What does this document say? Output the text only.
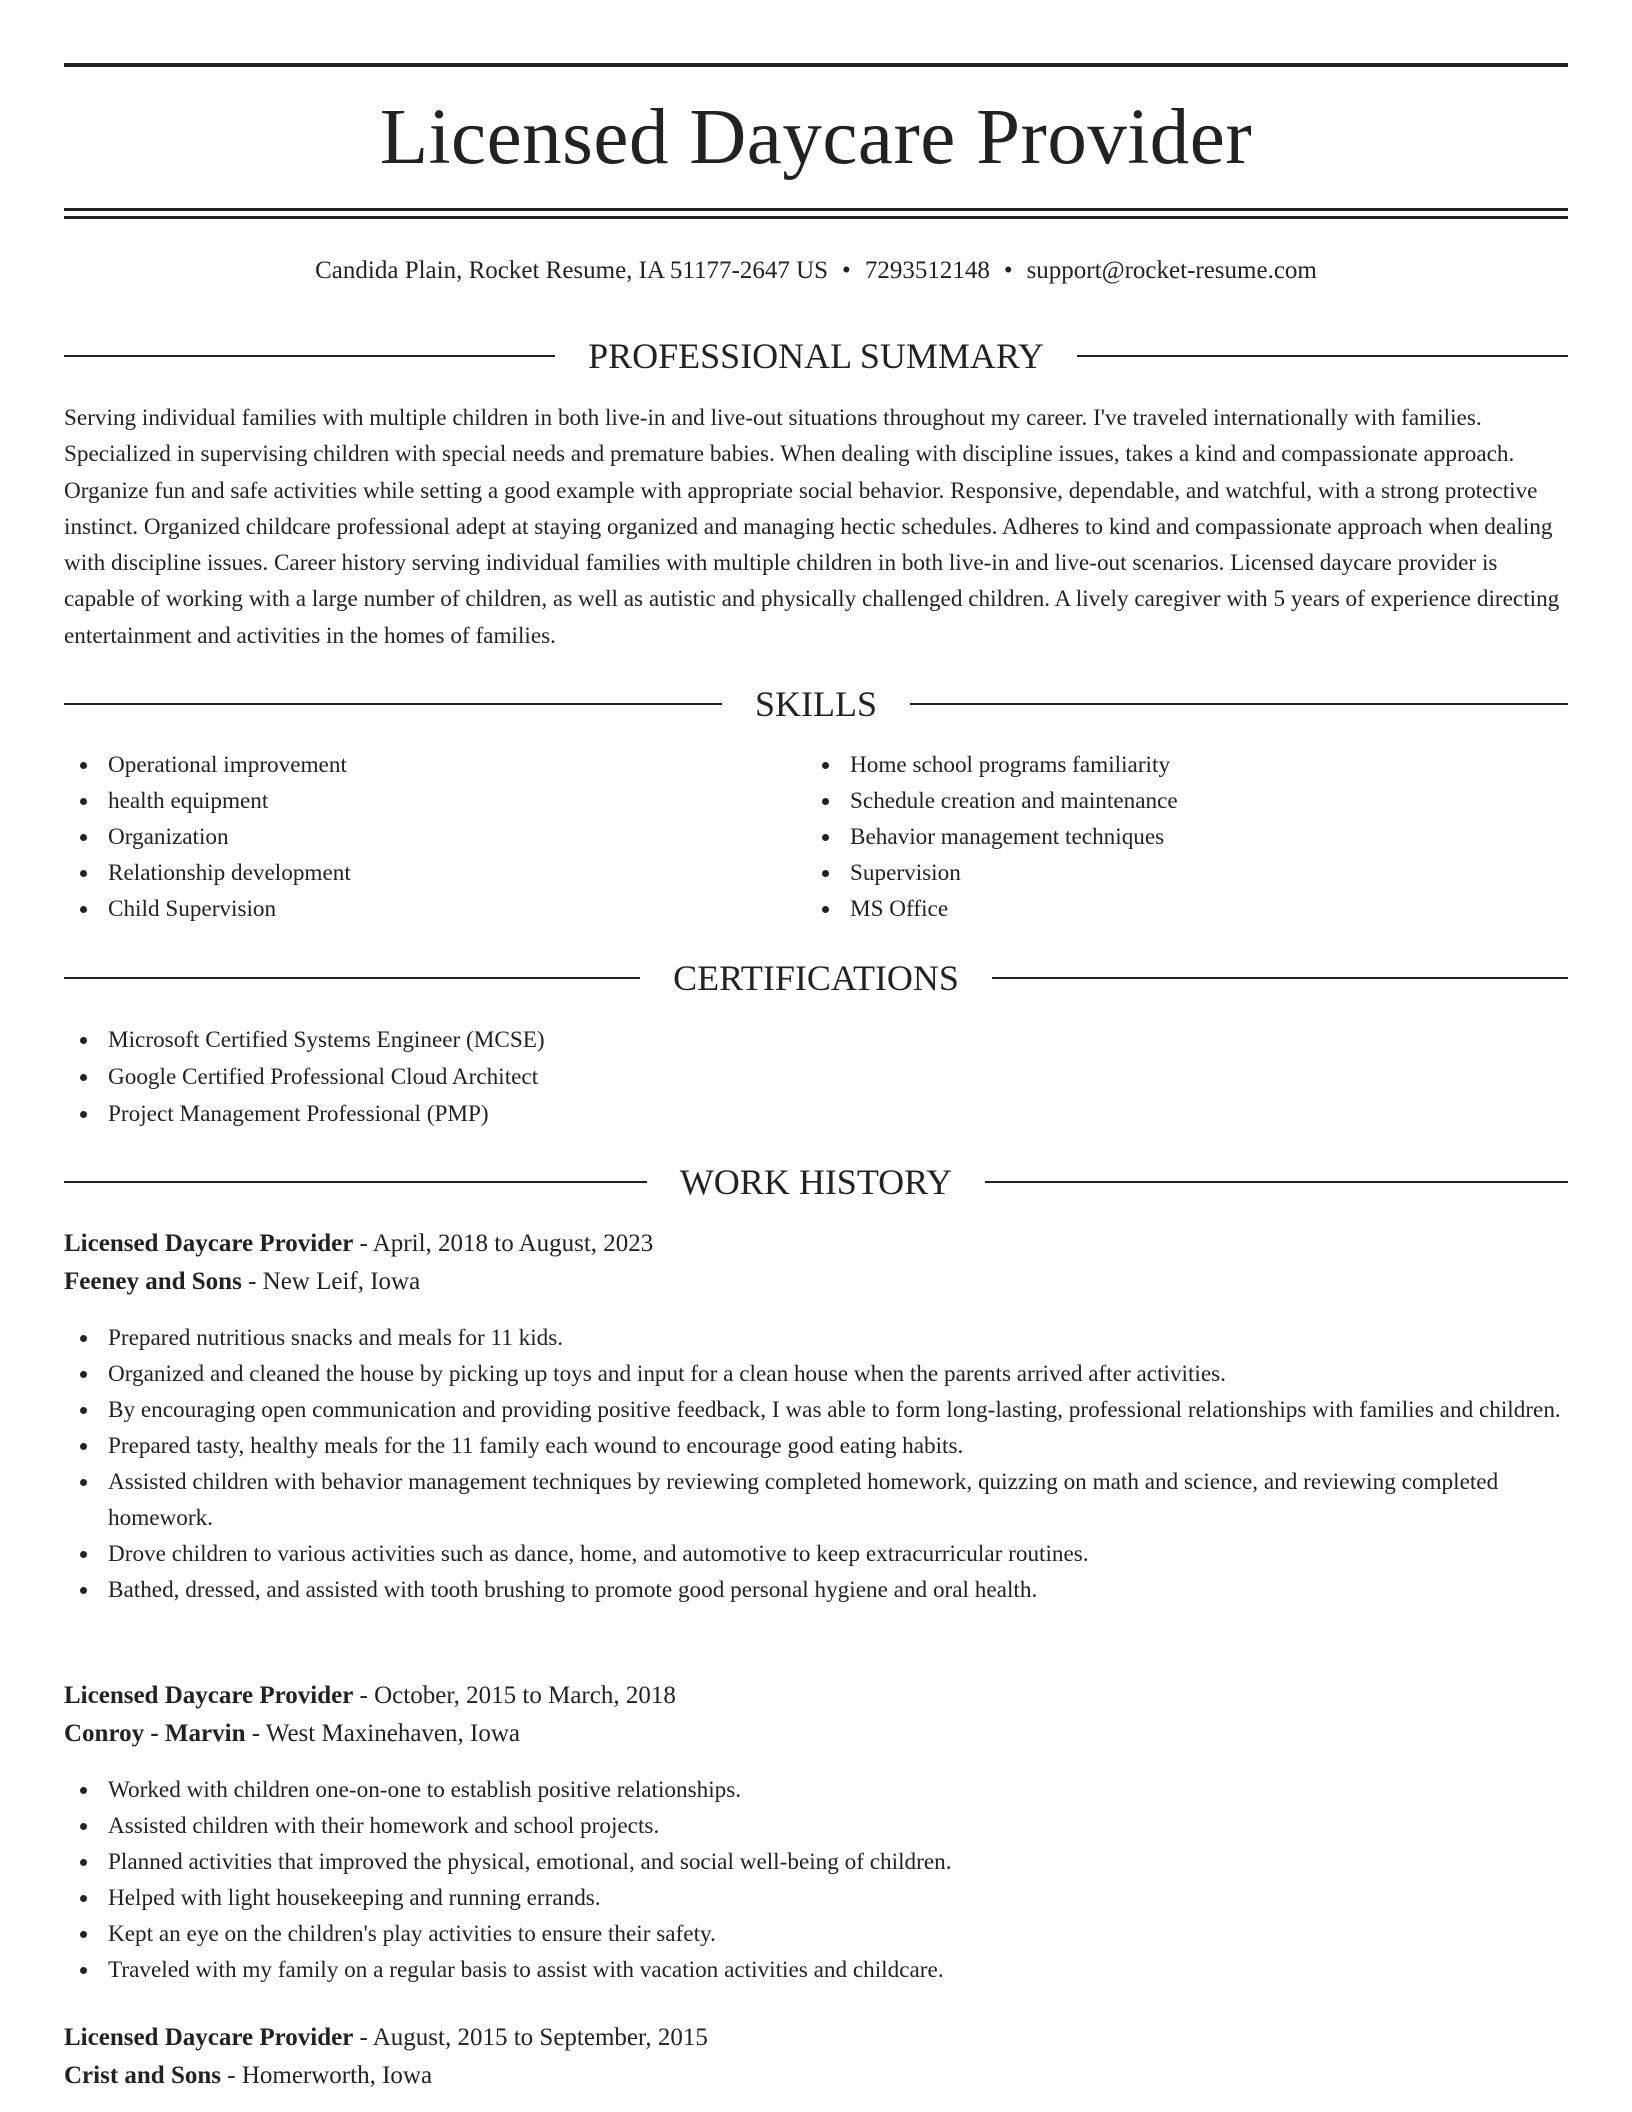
Licensed Daycare Provider
Candida Plain, Rocket Resume, IA 51177-2647 US • 7293512148 • support@rocket-resume.com
PROFESSIONAL SUMMARY

Serving individual families with multiple children in both live-in and live-out situations throughout my career. I've traveled internationally with families. Specialized in supervising children with special needs and premature babies. When dealing with discipline issues, takes a kind and compassionate approach. Organize fun and safe activities while setting a good example with appropriate social behavior. Responsive, dependable, and watchful, with a strong protective instinct. Organized childcare professional adept at staying organized and managing hectic schedules. Adheres to kind and compassionate approach when dealing with discipline issues. Career history serving individual families with multiple children in both live-in and live-out scenarios. Licensed daycare provider is capable of working with a large number of children, as well as autistic and physically challenged children. A lively caregiver with 5 years of experience directing entertainment and activities in the homes of families.

SKILLS
Operational improvement
health equipment
Organization
Relationship development
Child Supervision
Home school programs familiarity
Schedule creation and maintenance
Behavior management techniques
Supervision
MS Office
CERTIFICATIONS
Microsoft Certified Systems Engineer (MCSE)
Google Certified Professional Cloud Architect
Project Management Professional (PMP)
WORK HISTORY
Licensed Daycare Provider - April, 2018 to August, 2023
Feeney and Sons - New Leif, Iowa
Prepared nutritious snacks and meals for 11 kids.
Organized and cleaned the house by picking up toys and input for a clean house when the parents arrived after activities.
By encouraging open communication and providing positive feedback, I was able to form long-lasting, professional relationships with families and children.
Prepared tasty, healthy meals for the 11 family each wound to encourage good eating habits.
Assisted children with behavior management techniques by reviewing completed homework, quizzing on math and science, and reviewing completed homework.
Drove children to various activities such as dance, home, and automotive to keep extracurricular routines.
Bathed, dressed, and assisted with tooth brushing to promote good personal hygiene and oral health.
Licensed Daycare Provider - October, 2015 to March, 2018
Conroy - Marvin - West Maxinehaven, Iowa
Worked with children one-on-one to establish positive relationships.
Assisted children with their homework and school projects.
Planned activities that improved the physical, emotional, and social well-being of children.
Helped with light housekeeping and running errands.
Kept an eye on the children's play activities to ensure their safety.
Traveled with my family on a regular basis to assist with vacation activities and childcare.
Licensed Daycare Provider - August, 2015 to September, 2015
Crist and Sons - Homerworth, Iowa
